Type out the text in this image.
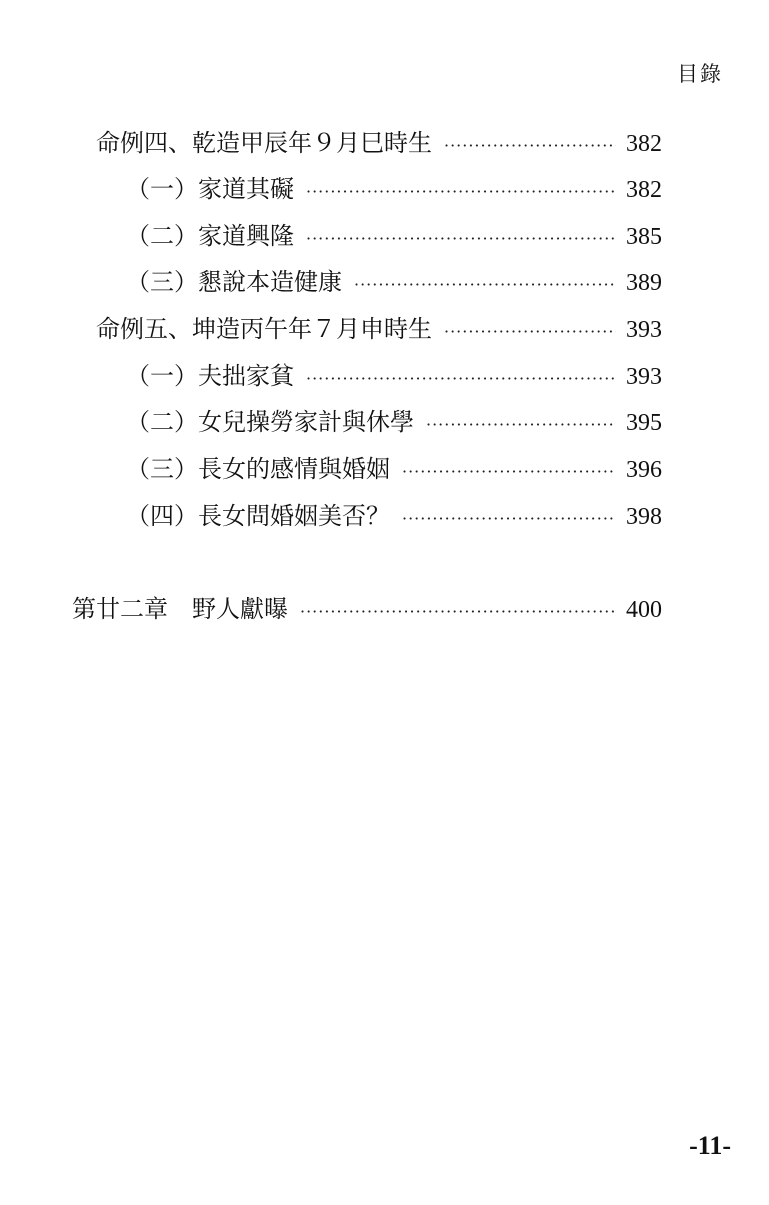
目錄
命例四、乾造甲辰年９月巳時生 ·····	382
（一）家道其礙 ·····	382
（二）家道興隆 ·····	385
（三）懇說本造健康 ·····	389
命例五、坤造丙午年７月申時生 ·····	393
（一）夫拙家貧 ·····	393
（二）女兒操勞家計與休學 ·····	395
（三）長女的感情與婚姻 ·····	396
（四）長女問婚姻美否？ ·····	398
第廿二章　野人獻曝 ·····	400
-11-
